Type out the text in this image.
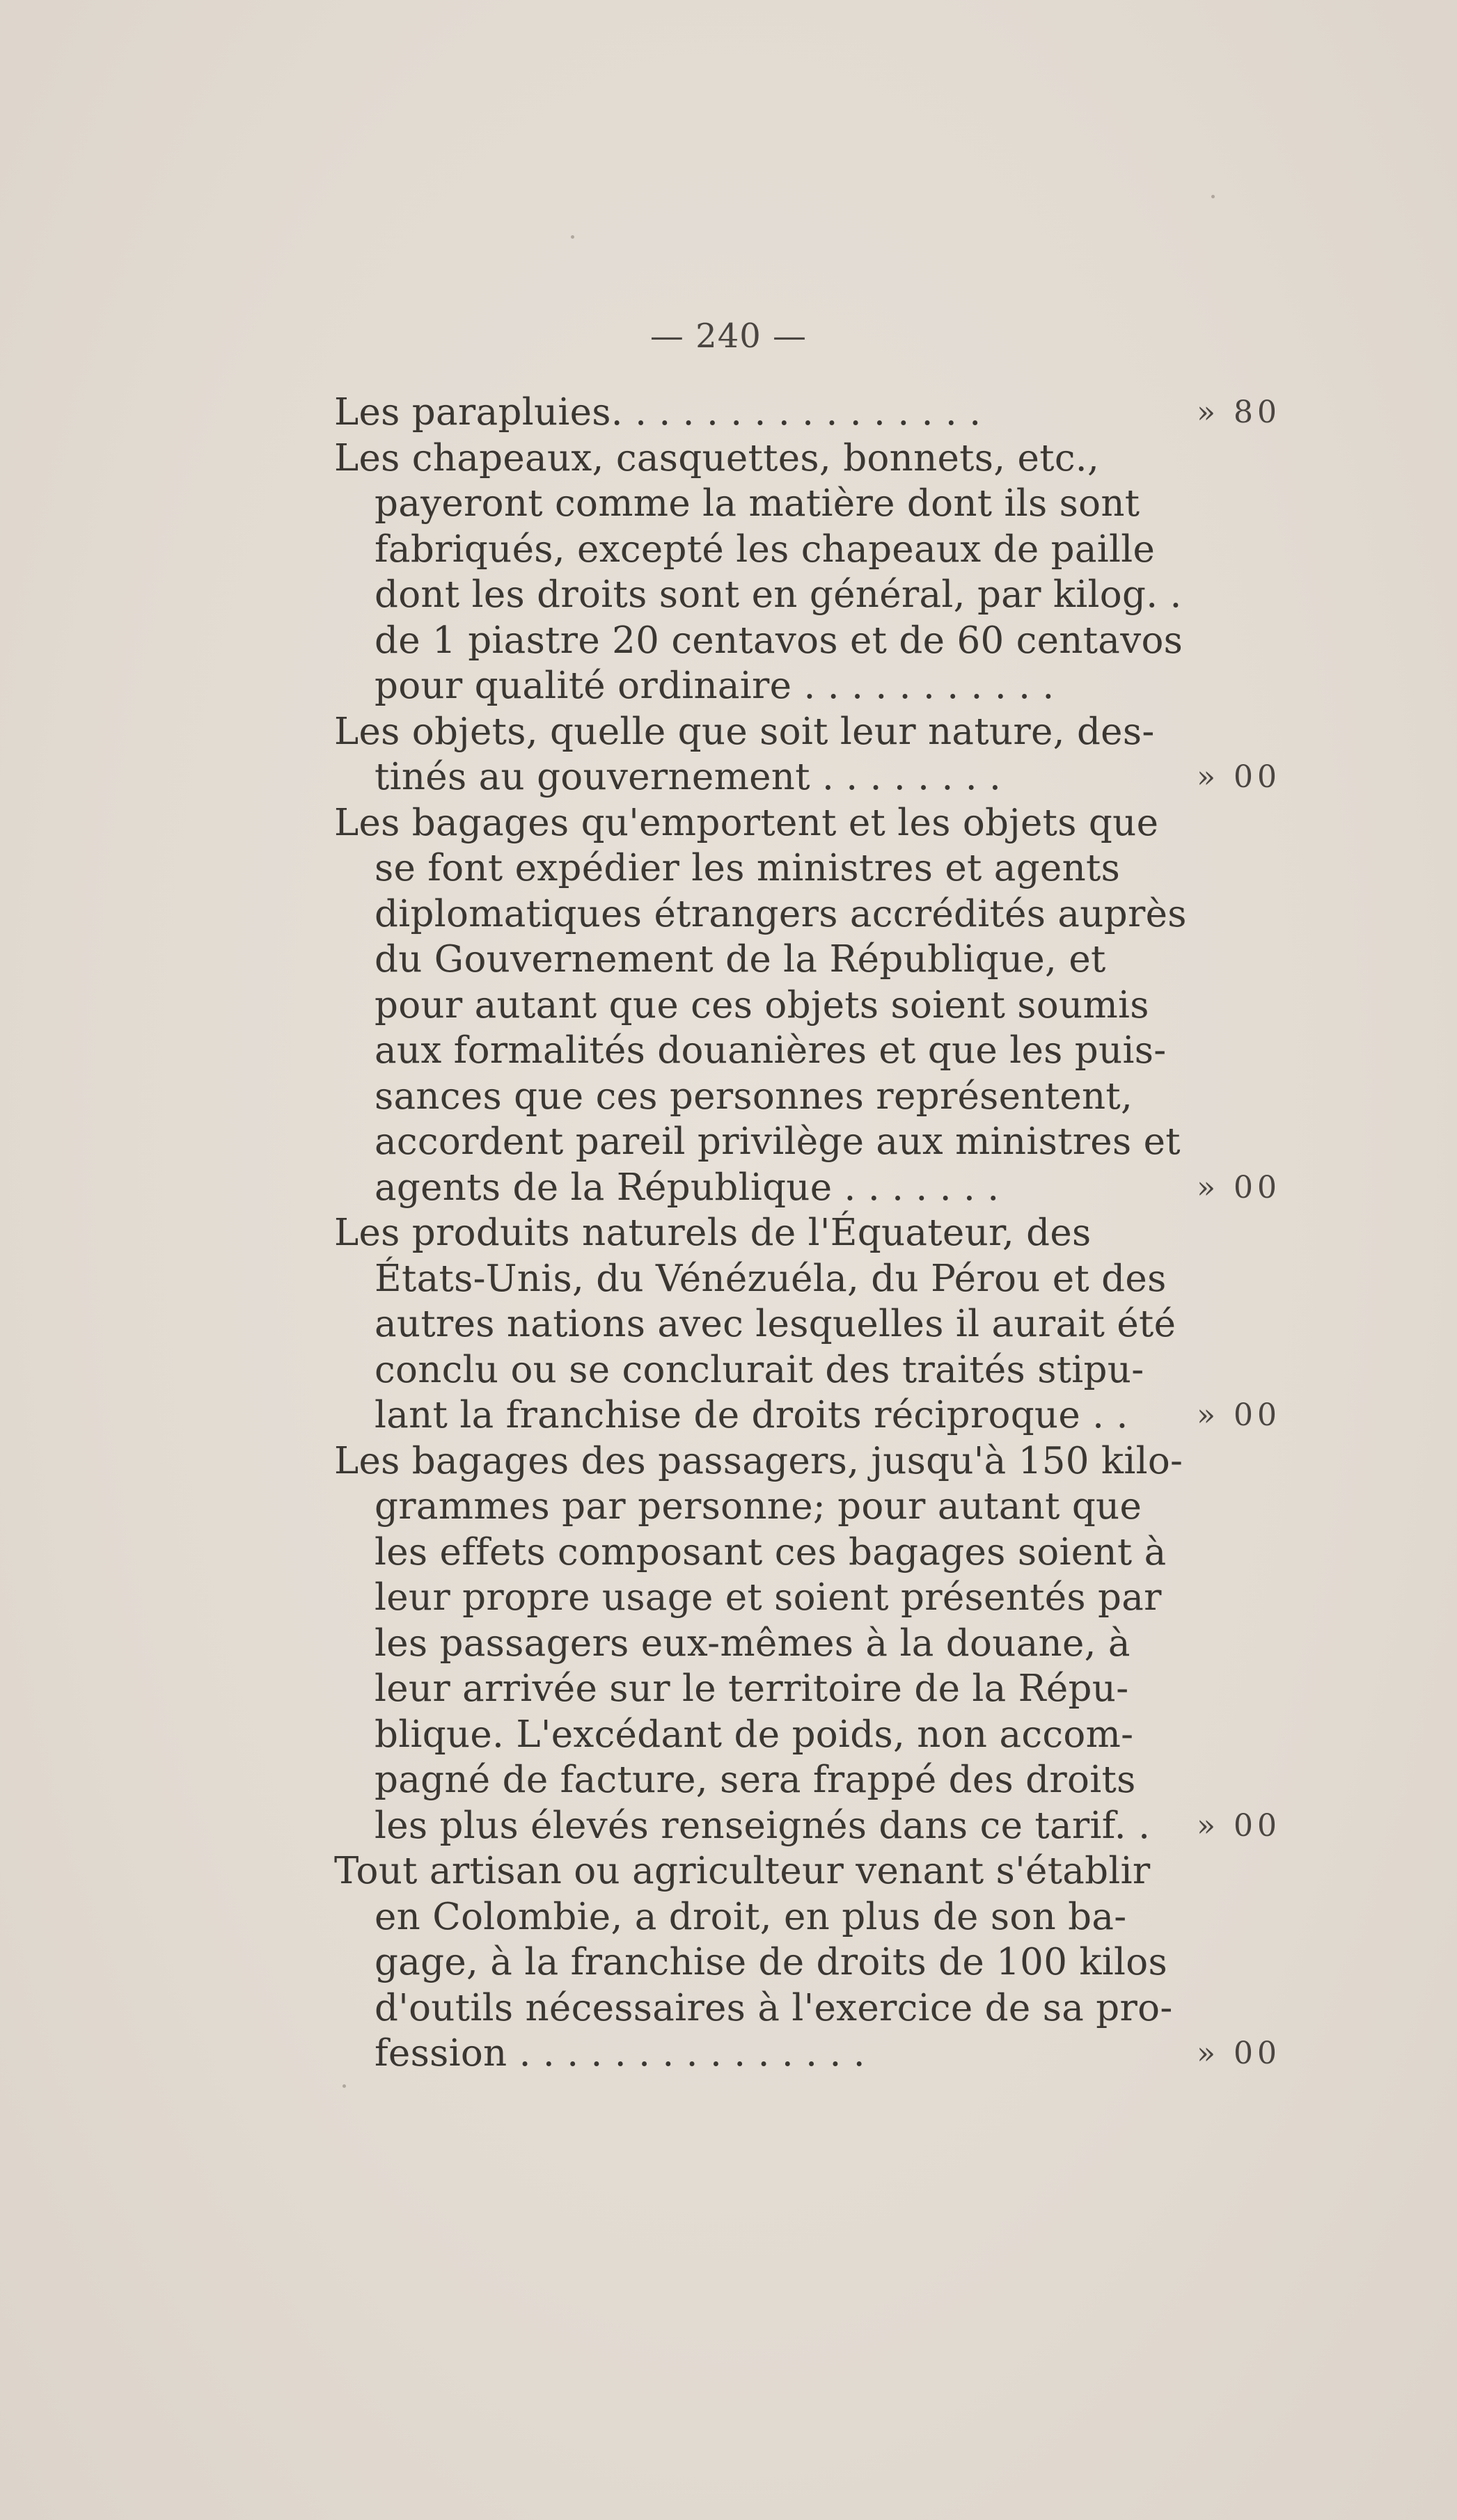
— 240 —
Les parapluies. . . . . . . . . . . . . . . .	» 80
Les chapeaux, casquettes, bonnets, etc.,
payeront comme la matière dont ils sont
fabriqués, excepté les chapeaux de paille
dont les droits sont en général, par kilog. .
de 1 piastre 20 centavos et de 60 centavos
pour qualité ordinaire . . . . . . . . . . .
Les objets, quelle que soit leur nature, des-
tinés au gouvernement . . . . . . . .	» 00
Les bagages qu'emportent et les objets que
se font expédier les ministres et agents
diplomatiques étrangers accrédités auprès
du Gouvernement de la République, et
pour autant que ces objets soient soumis
aux formalités douanières et que les puis-
sances que ces personnes représentent,
accordent pareil privilège aux ministres et
agents de la République . . . . . . .	» 00
Les produits naturels de l'Équateur, des
États-Unis, du Vénézuéla, du Pérou et des
autres nations avec lesquelles il aurait été
conclu ou se conclurait des traités stipu-
lant la franchise de droits réciproque . . » 00
Les bagages des passagers, jusqu'à 150 kilo-
grammes par personne; pour autant que
les effets composant ces bagages soient à
leur propre usage et soient présentés par
les passagers eux-mêmes à la douane, à
leur arrivée sur le territoire de la Répu-
blique. L'excédant de poids, non accom-
pagné de facture, sera frappé des droits
les plus élevés renseignés dans ce tarif. . » 00
Tout artisan ou agriculteur venant s'établir
en Colombie, a droit, en plus de son ba-
gage, à la franchise de droits de 100 kilos
d'outils nécessaires à l'exercice de sa pro-
fession . . . . . . . . . . . . . . .	» 00
